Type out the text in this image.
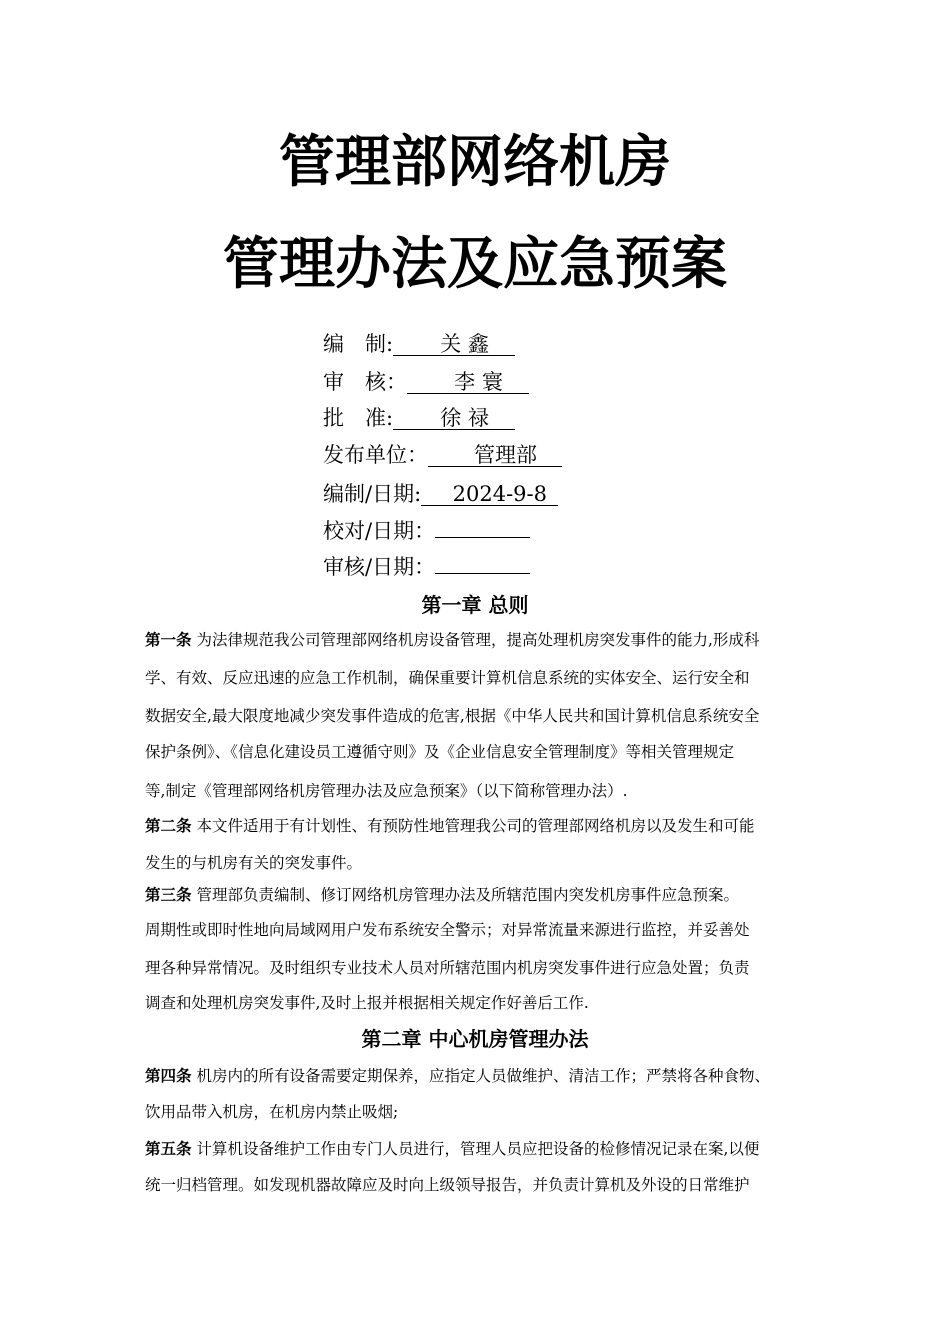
管理部网络机房
管理办法及应急预案
编　制:　关 鑫　
审　核：　李 寰　
批　准:　徐 禄　
发布单位：　管理部　
编制/日期:　2024-9-8　
校对/日期：
审核/日期：
第一章 总则
第一条 为法律规范我公司管理部网络机房设备管理，提高处理机房突发事件的能力,形成科
学、有效、反应迅速的应急工作机制，确保重要计算机信息系统的实体安全、运行安全和
数据安全,最大限度地减少突发事件造成的危害,根据《中华人民共和国计算机信息系统安全
保护条例》、《信息化建设员工遵循守则》及《企业信息安全管理制度》等相关管理规定
等,制定《管理部网络机房管理办法及应急预案》（以下简称管理办法）.
第二条 本文件适用于有计划性、有预防性地管理我公司的管理部网络机房以及发生和可能
发生的与机房有关的突发事件。
第三条 管理部负责编制、修订网络机房管理办法及所辖范围内突发机房事件应急预案。
周期性或即时性地向局域网用户发布系统安全警示；对异常流量来源进行监控，并妥善处
理各种异常情况。及时组织专业技术人员对所辖范围内机房突发事件进行应急处置；负责
调查和处理机房突发事件,及时上报并根据相关规定作好善后工作.
第二章 中心机房管理办法
第四条 机房内的所有设备需要定期保养，应指定人员做维护、清洁工作；严禁将各种食物、
饮用品带入机房，在机房内禁止吸烟;
第五条 计算机设备维护工作由专门人员进行，管理人员应把设备的检修情况记录在案,以便
统一归档管理。如发现机器故障应及时向上级领导报告，并负责计算机及外设的日常维护
